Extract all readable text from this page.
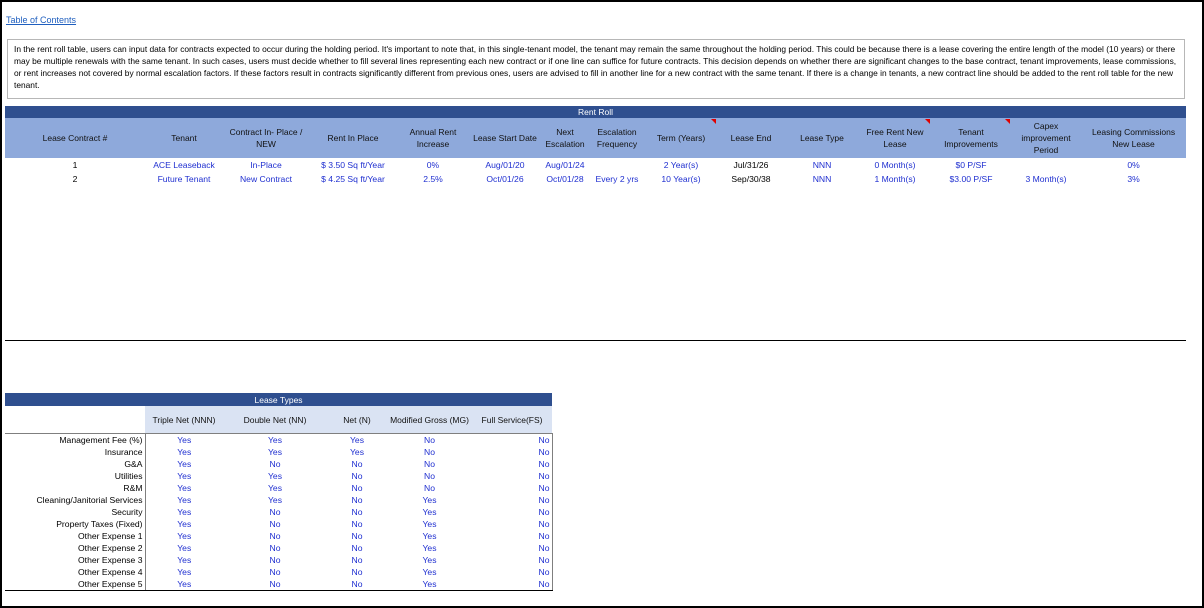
Table of Contents
In the rent roll table, users can input data for contracts expected to occur during the holding period. It's important to note that, in this single-tenant model, the tenant may remain the same throughout the holding period. This could be because there is a lease covering the entire length of the model (10 years) or there may be multiple renewals with the same tenant. In such cases, users must decide whether to fill several lines representing each new contract or if one line can suffice for future contracts. This decision depends on whether there are significant changes to the base contract, tenant improvements, lease commissions, or rent increases not covered by normal escalation factors. If these factors result in contracts significantly different from previous ones, users are advised to fill in another line for a new contract with the same tenant. If there is a change in tenants, a new contract line should be added to the rent roll table for the new tenant.
Rent Roll														
Lease Contract #	Tenant	Contract In- Place / NEW	Rent In Place	Annual Rent Increase	Lease Start Date	Next Escalation	Escalation Frequency	Term (Years)	Lease End	Lease Type	Free Rent New Lease	Tenant Improvements	Capex improvement Period	Leasing Commissions New Lease
1	ACE Leaseback	In-Place	$ 3.50 Sq ft/Year	0%	Aug/01/20	Aug/01/24		2 Year(s)	Jul/31/26	NNN	0 Month(s)	$0 P/SF		0%
2	Future Tenant	New Contract	$ 4.25 Sq ft/Year	2.5%	Oct/01/26	Oct/01/28	Every 2 yrs	10 Year(s)	Sep/30/38	NNN	1 Month(s)	$3.00 P/SF	3 Month(s)	3%
Lease Types					
	Triple Net (NNN)	Double Net (NN)	Net (N)	Modified Gross (MG)	Full Service(FS)
Management Fee (%)	Yes	Yes	Yes	No	No
Insurance	Yes	Yes	Yes	No	No
G&A	Yes	No	No	No	No
Utilities	Yes	Yes	No	No	No
R&M	Yes	Yes	No	No	No
Cleaning/Janitorial Services	Yes	Yes	No	Yes	No
Security	Yes	No	No	Yes	No
Property Taxes (Fixed)	Yes	No	No	Yes	No
Other Expense 1	Yes	No	No	Yes	No
Other Expense 2	Yes	No	No	Yes	No
Other Expense 3	Yes	No	No	Yes	No
Other Expense 4	Yes	No	No	Yes	No
Other Expense 5	Yes	No	No	Yes	No
